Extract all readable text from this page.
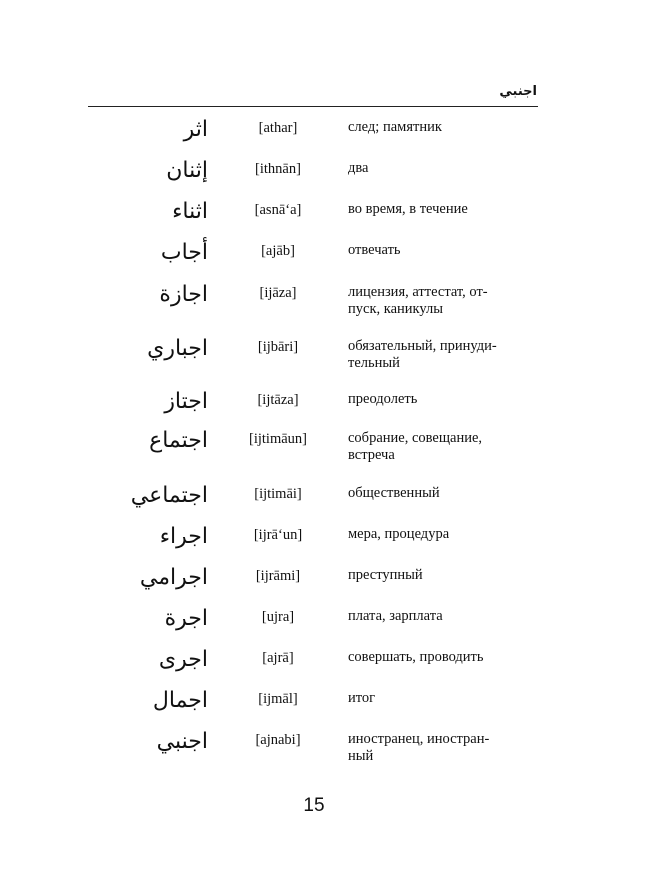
اجنبي
اثر	[athar]	след; памятник
إثنان	[ithnān]	два
اثناء	[asnā‘a]	во время, в течение
أجاب	[ajāb]	отвечать
اجازة	[ijāza]	лицензия, аттестат, от-
пуск, каникулы
اجباري	[ijbāri]	обязательный, принуди-
тельный
اجتاز	[ijtāza]	преодолеть
اجتماع	[ijtimāun]	собрание, совещание,
встреча
اجتماعي	[ijtimāi]	общественный
اجراء	[ijrā‘un]	мера, процедура
اجرامي	[ijrāmi]	преступный
اجرة	[ujra]	плата, зарплата
اجرى	[ajrā]	совершать, проводить
اجمال	[ijmāl]	итог
اجنبي	[ajnabi]	иностранец, иностран-
ный
15
